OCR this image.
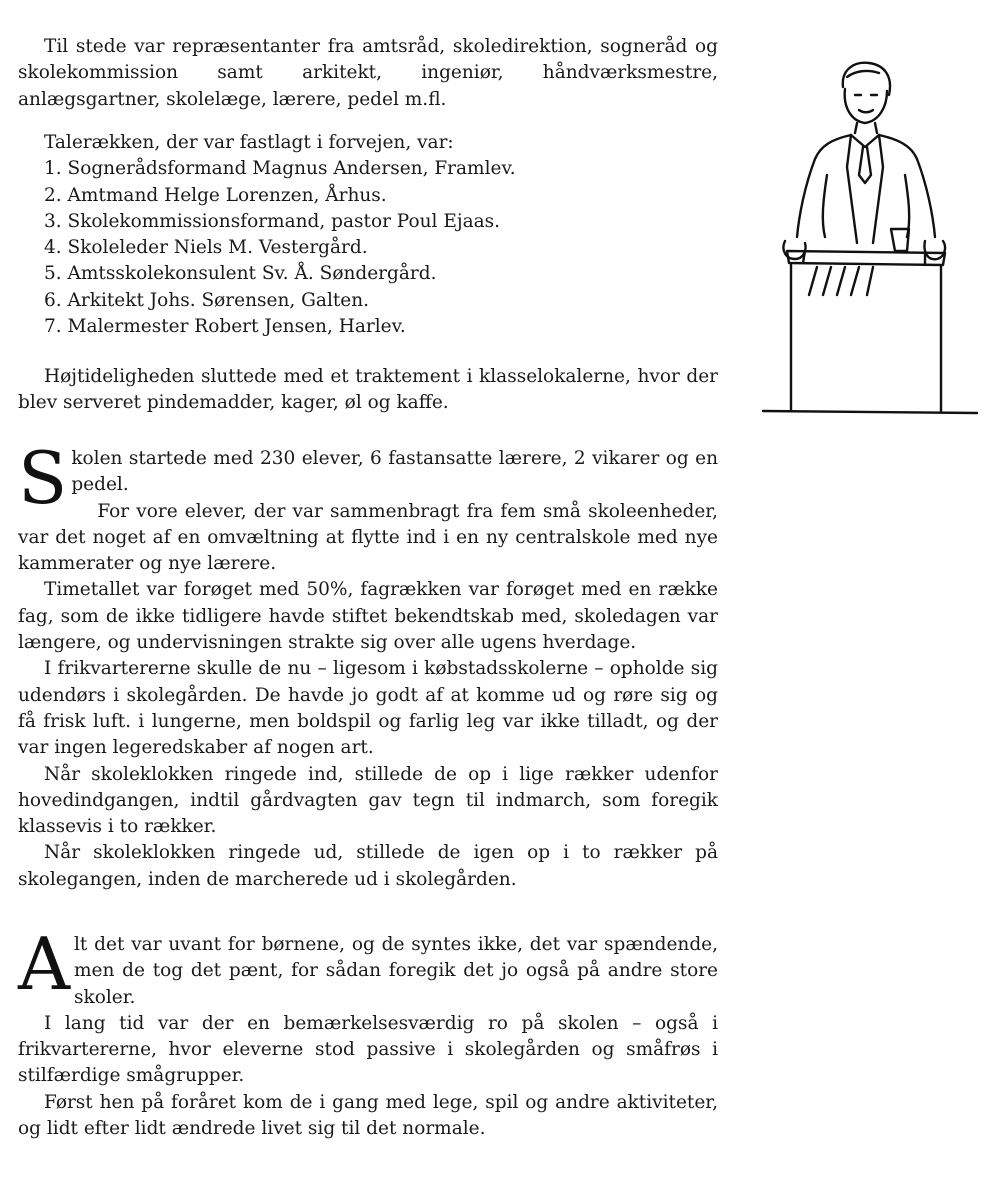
Til stede var repræsentanter fra amtsråd, skoledirektion, sogneråd og skolekommission samt arkitekt, ingeniør, håndværksmestre, anlægsgartner, skolelæge, lærere, pedel m.fl.

Talerækken, der var fastlagt i forvejen, var:
1. Sognerådsformand Magnus Andersen, Framlev.
2. Amtmand Helge Lorenzen, Århus.
3. Skolekommissionsformand, pastor Poul Ejaas.
4. Skoleleder Niels M. Vestergård.
5. Amtsskolekonsulent Sv. Å. Søndergård.
6. Arkitekt Johs. Sørensen, Galten.
7. Malermester Robert Jensen, Harlev.

Højtideligheden sluttede med et traktement i klasselokalerne, hvor der blev serveret pindemadder, kager, øl og kaffe.

Skolen startede med 230 elever, 6 fastansatte lærere, 2 vikarer og en pedel.

For vore elever, der var sammenbragt fra fem små skoleenheder, var det noget af en omvæltning at flytte ind i en ny centralskole med nye kammerater og nye lærere.

Timetallet var forøget med 50%, fagrækken var forøget med en række fag, som de ikke tidligere havde stiftet bekendtskab med, skoledagen var længere, og undervisningen strakte sig over alle ugens hverdage.

I frikvartererne skulle de nu – ligesom i købstadsskolerne – opholde sig udendørs i skolegården. De havde jo godt af at komme ud og røre sig og få frisk luft. i lungerne, men boldspil og farlig leg var ikke tilladt, og der var ingen legeredskaber af nogen art.

Når skoleklokken ringede ind, stillede de op i lige rækker udenfor hovedindgangen, indtil gårdvagten gav tegn til indmarch, som foregik klassevis i to rækker.

Når skoleklokken ringede ud, stillede de igen op i to rækker på skolegangen, inden de marcherede ud i skolegården.

Alt det var uvant for børnene, og de syntes ikke, det var spændende, men de tog det pænt, for sådan foregik det jo også på andre store skoler.

I lang tid var der en bemærkelsesværdig ro på skolen – også i frikvartererne, hvor eleverne stod passive i skolegården og småfrøs i stilfærdige smågrupper.

Først hen på foråret kom de i gang med lege, spil og andre aktiviteter, og lidt efter lidt ændrede livet sig til det normale.
